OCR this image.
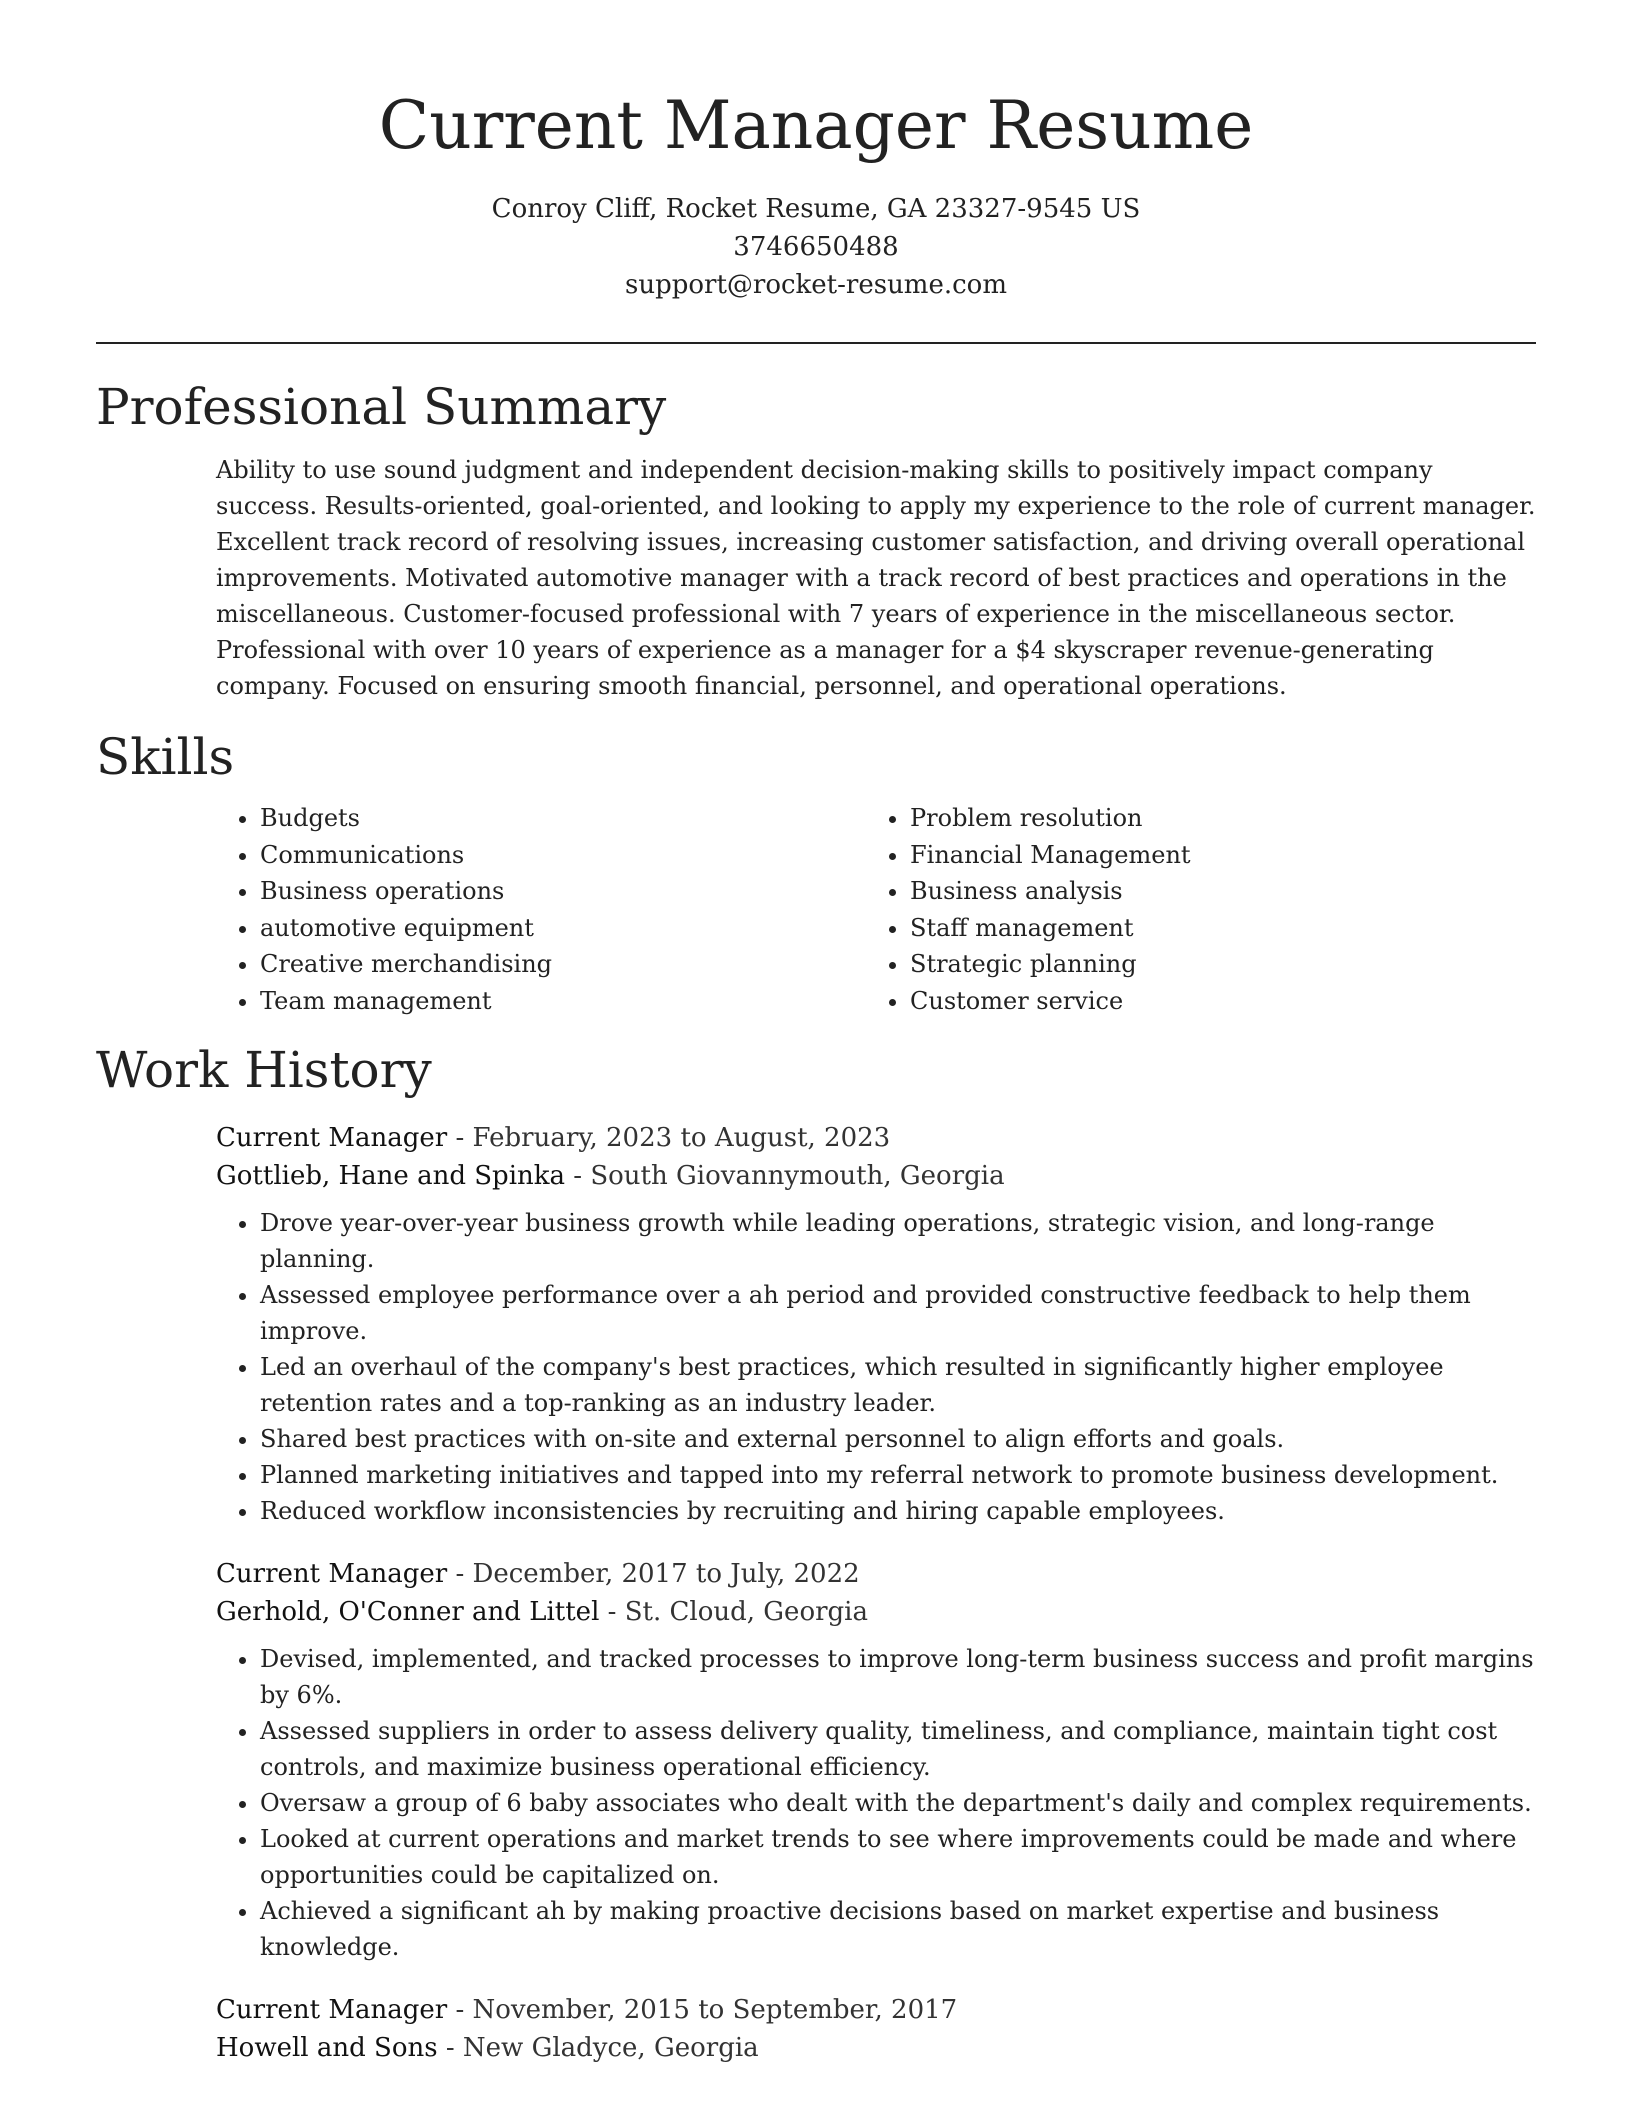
Current Manager Resume
Conroy Cliff, Rocket Resume, GA 23327-9545 US
3746650488
support@rocket-resume.com
Professional Summary

Ability to use sound judgment and independent decision-making skills to positively impact company success. Results-oriented, goal-oriented, and looking to apply my experience to the role of current manager. Excellent track record of resolving issues, increasing customer satisfaction, and driving overall operational improvements. Motivated automotive manager with a track record of best practices and operations in the miscellaneous. Customer-focused professional with 7 years of experience in the miscellaneous sector. Professional with over 10 years of experience as a manager for a $4 skyscraper revenue-generating company. Focused on ensuring smooth financial, personnel, and operational operations.

Skills
• Budgets
• Communications
• Business operations
• automotive equipment
• Creative merchandising
• Team management
• Problem resolution
• Financial Management
• Business analysis
• Staff management
• Strategic planning
• Customer service
Work History
Current Manager - February, 2023 to August, 2023
Gottlieb, Hane and Spinka - South Giovannymouth, Georgia
• Drove year-over-year business growth while leading operations, strategic vision, and long-range planning.
• Assessed employee performance over a ah period and provided constructive feedback to help them improve.
• Led an overhaul of the company's best practices, which resulted in significantly higher employee retention rates and a top-ranking as an industry leader.
• Shared best practices with on-site and external personnel to align efforts and goals.
• Planned marketing initiatives and tapped into my referral network to promote business development.
• Reduced workflow inconsistencies by recruiting and hiring capable employees.
Current Manager - December, 2017 to July, 2022
Gerhold, O'Conner and Littel - St. Cloud, Georgia
• Devised, implemented, and tracked processes to improve long-term business success and profit margins by 6%.
• Assessed suppliers in order to assess delivery quality, timeliness, and compliance, maintain tight cost controls, and maximize business operational efficiency.
• Oversaw a group of 6 baby associates who dealt with the department's daily and complex requirements.
• Looked at current operations and market trends to see where improvements could be made and where opportunities could be capitalized on.
• Achieved a significant ah by making proactive decisions based on market expertise and business knowledge.
Current Manager - November, 2015 to September, 2017
Howell and Sons - New Gladyce, Georgia
